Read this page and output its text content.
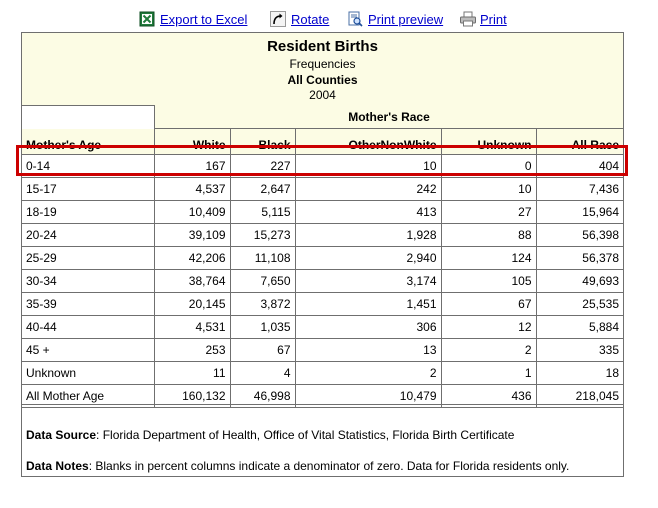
Export to Excel	Rotate	Print preview	Print
Resident Births
Frequencies
All Counties
2004
Mother's Race
Mother's Age	White	Black	OtherNonWhite	Unknown	All Race
0-14	167	227	10	0	404
15-17	4,537	2,647	242	10	7,436
18-19	10,409	5,115	413	27	15,964
20-24	39,109	15,273	1,928	88	56,398
25-29	42,206	11,108	2,940	124	56,378
30-34	38,764	7,650	3,174	105	49,693
35-39	20,145	3,872	1,451	67	25,535
40-44	4,531	1,035	306	12	5,884
45 +	253	67	13	2	335
Unknown	11	4	2	1	18
All Mother Age	160,132	46,998	10,479	436	218,045
Data Source: Florida Department of Health, Office of Vital Statistics, Florida Birth Certificate
Data Notes: Blanks in percent columns indicate a denominator of zero. Data for Florida residents only.
